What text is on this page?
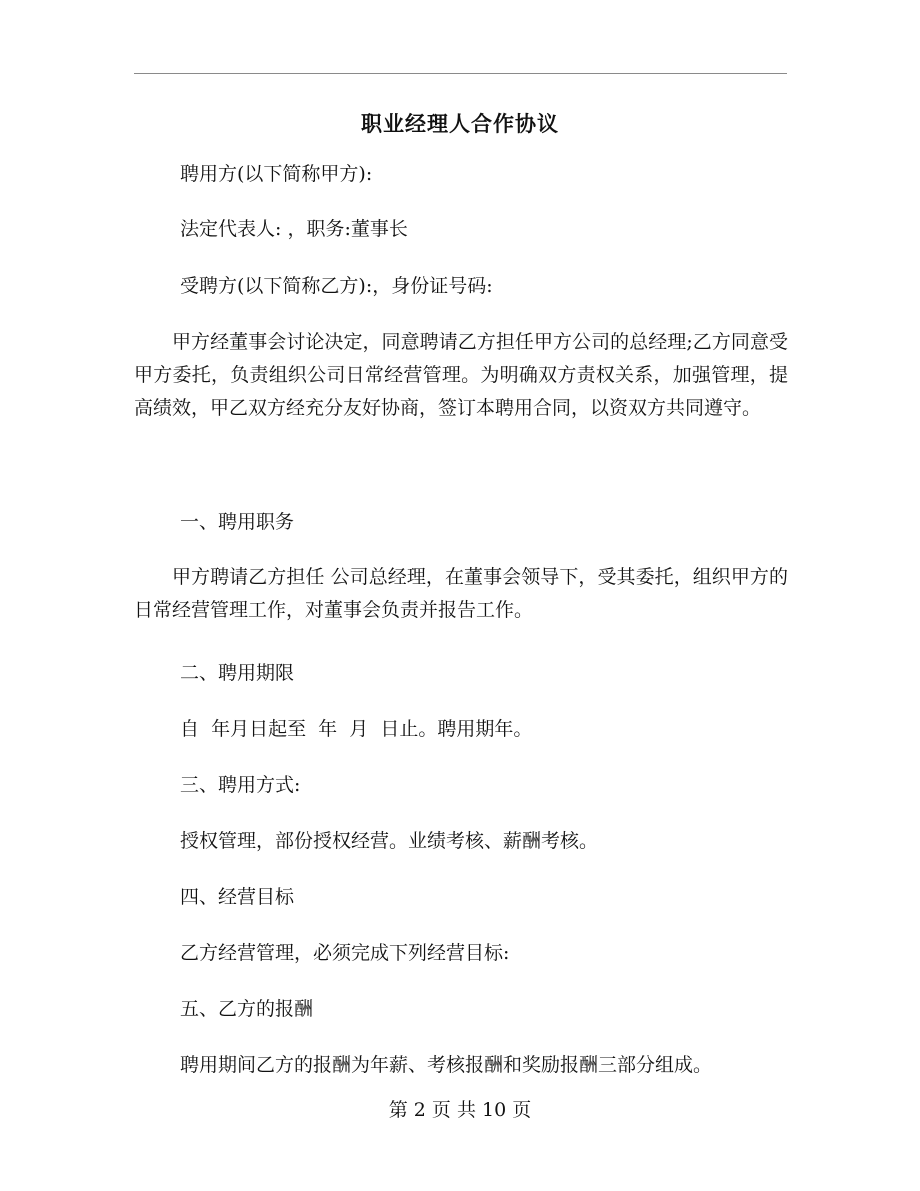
职业经理人合作协议
聘用方(以下简称甲方):
法定代表人: ，职务:董事长
受聘方(以下简称乙方):，身份证号码:

甲方经董事会讨论决定，同意聘请乙方担任甲方公司的总经理;乙方同意受甲方委托，负责组织公司日常经营管理。为明确双方责权关系，加强管理，提高绩效，甲乙双方经充分友好协商，签订本聘用合同，以资双方共同遵守。

一、聘用职务

甲方聘请乙方担任 公司总经理，在董事会领导下，受其委托，组织甲方的日常经营管理工作，对董事会负责并报告工作。

二、聘用期限
自  年月日起至  年  月  日止。聘用期年。
三、聘用方式:
授权管理，部份授权经营。业绩考核、薪酬考核。
四、经营目标
乙方经营管理，必须完成下列经营目标:
五、乙方的报酬
聘用期间乙方的报酬为年薪、考核报酬和奖励报酬三部分组成。
第 2 页 共 10 页
